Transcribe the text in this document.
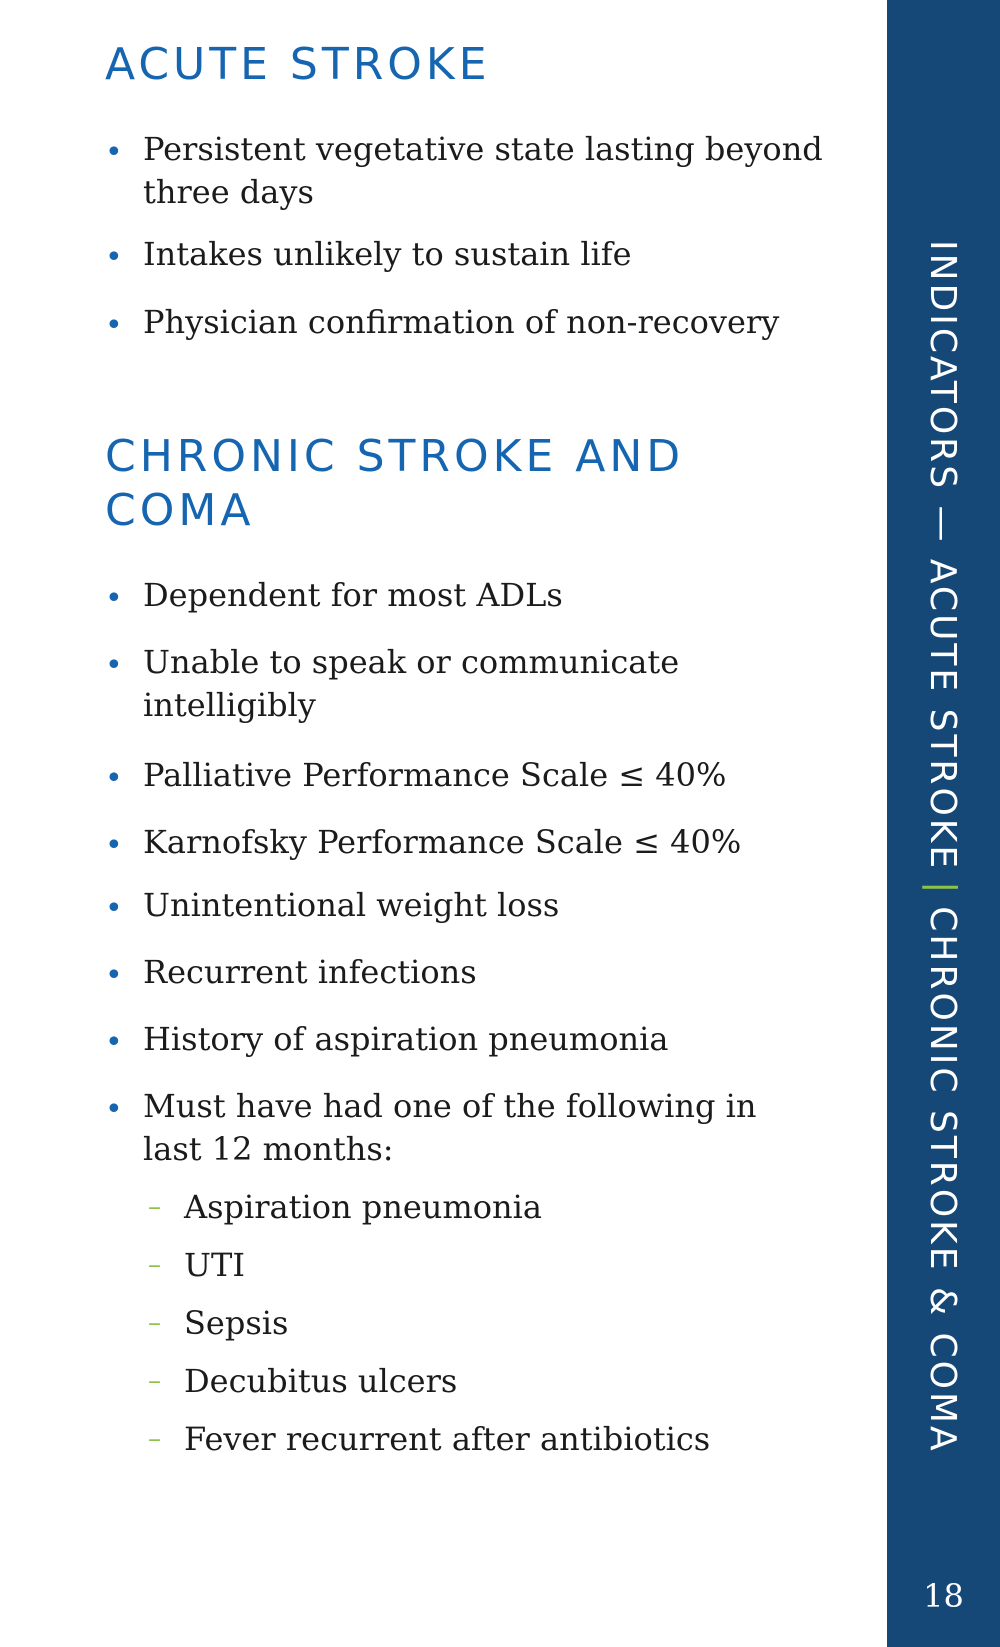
ACUTE STROKE
• Persistent vegetative state lasting beyond three days
• Intakes unlikely to sustain life
• Physician confirmation of non-recovery
CHRONIC STROKE AND COMA
• Dependent for most ADLs
• Unable to speak or communicate intelligibly
• Palliative Performance Scale ≤ 40%
• Karnofsky Performance Scale ≤ 40%
• Unintentional weight loss
• Recurrent infections
• History of aspiration pneumonia
• Must have had one of the following in last 12 months:
– Aspiration pneumonia
– UTI
– Sepsis
– Decubitus ulcers
– Fever recurrent after antibiotics
INDICATORS — ACUTE STROKE|CHRONIC STROKE & COMA
18
